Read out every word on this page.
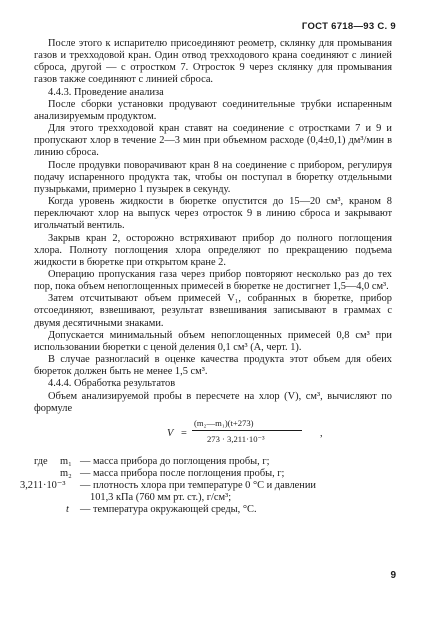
ГОСТ 6718—93 С. 9

После этого к испарителю присоединяют реометр, склянку для промывания газов и трехходовой кран. Один отвод трехходового крана соединяют с линией сброса, другой — с отростком 7. Отросток 9 через склянку для промывания газов также соединяют с линией сброса.

4.4.3. Проведение анализа

После сборки установки продувают соединительные трубки испаренным анализируемым продуктом.

Для этого трехходовой кран ставят на соединение с отростками 7 и 9 и пропускают хлор в течение 2—3 мин при объемном расходе (0,4±0,1) дм³/мин в линию сброса.

После продувки поворачивают кран 8 на соединение с прибором, регулируя подачу испаренного продукта так, чтобы он поступал в бюретку отдельными пузырьками, примерно 1 пузырек в секунду.

Когда уровень жидкости в бюретке опустится до 15—20 см³, краном 8 переключают хлор на выпуск через отросток 9 в линию сброса и закрывают игольчатый вентиль.

Закрыв кран 2, осторожно встряхивают прибор до полного поглощения хлора. Полноту поглощения хлора определяют по прекращению подъема жидкости в бюретке при открытом кране 2.

Операцию пропускания газа через прибор повторяют несколько раз до тех пор, пока объем непоглощенных примесей в бюретке не достигнет 1,5—4,0 см³.

Затем отсчитывают объем примесей V₁, собранных в бюретке, прибор отсоединяют, взвешивают, результат взвешивания записывают в граммах с двумя десятичными знаками.

Допускается минимальный объем непоглощенных примесей 0,8 см³ при использовании бюретки с ценой деления 0,1 см³ (А, черт. 1).

В случае разногласий в оценке качества продукта этот объем для обеих бюреток должен быть не менее 1,5 см³.

4.4.4. Обработка результатов

Объем анализируемой пробы в пересчете на хлор (V), см³, вычисляют по формуле

V =
(m₂—m₁)(t+273)
273 · 3,211·10⁻³	,
где m₁ — масса прибора до поглощения пробы, г;
m₂ — масса прибора после поглощения пробы, г;
3,211·10⁻³ — плотность хлора при температуре 0 °С и давлении
101,3 кПа (760 мм рт. ст.), г/см³;
t — температура окружающей среды, °С.
9
